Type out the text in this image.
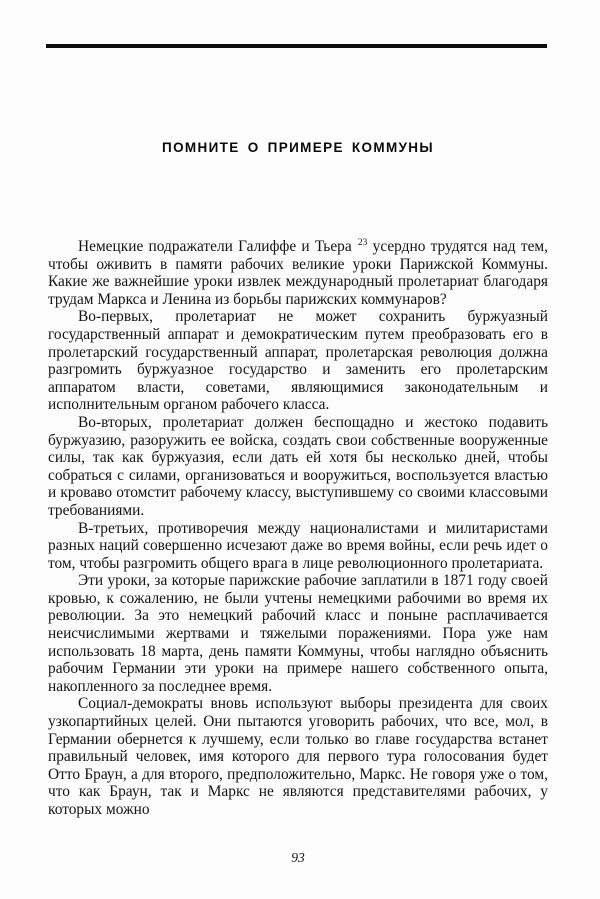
ПОМНИТЕ О ПРИМЕРЕ КОММУНЫ

Немецкие подражатели Галиффе и Тьера $^{23}$ усердно трудятся над тем, чтобы оживить в памяти рабочих великие уроки Парижской Коммуны. Какие же важнейшие уроки извлек международный пролетариат благодаря трудам Маркса и Ленина из борьбы парижских коммунаров?

Во-первых, пролетариат не может сохранить буржуазный государственный аппарат и демократическим путем преобразовать его в пролетарский государственный аппарат, пролетарская революция должна разгромить буржуазное государство и заменить его пролетарским аппаратом власти, советами, являющимися законодательным и исполнительным органом рабочего класса.

Во-вторых, пролетариат должен беспощадно и жестоко подавить буржуазию, разоружить ее войска, создать свои собственные вооруженные силы, так как буржуазия, если дать ей хотя бы несколько дней, чтобы собраться с силами, организоваться и вооружиться, воспользуется властью и кроваво отомстит рабочему классу, выступившему со своими классовыми требованиями.

В-третьих, противоречия между националистами и милитаристами разных наций совершенно исчезают даже во время войны, если речь идет о том, чтобы разгромить общего врага в лице революционного пролетариата.

Эти уроки, за которые парижские рабочие заплатили в 1871 году своей кровью, к сожалению, не были учтены немецкими рабочими во время их революции. За это немецкий рабочий класс и поныне расплачивается неисчислимыми жертвами и тяжелыми поражениями. Пора уже нам использовать 18 марта, день памяти Коммуны, чтобы наглядно объяснить рабочим Германии эти уроки на примере нашего собственного опыта, накопленного за последнее время.

Социал-демократы вновь используют выборы президента для своих узкопартийных целей. Они пытаются уговорить рабочих, что все, мол, в Германии обернется к лучшему, если только во главе государства встанет правильный человек, имя которого для первого тура голосования будет Отто Браун, а для второго, предположительно, Маркс. Не говоря уже о том, что как Браун, так и Маркс не являются представителями рабочих, у которых можно

93
